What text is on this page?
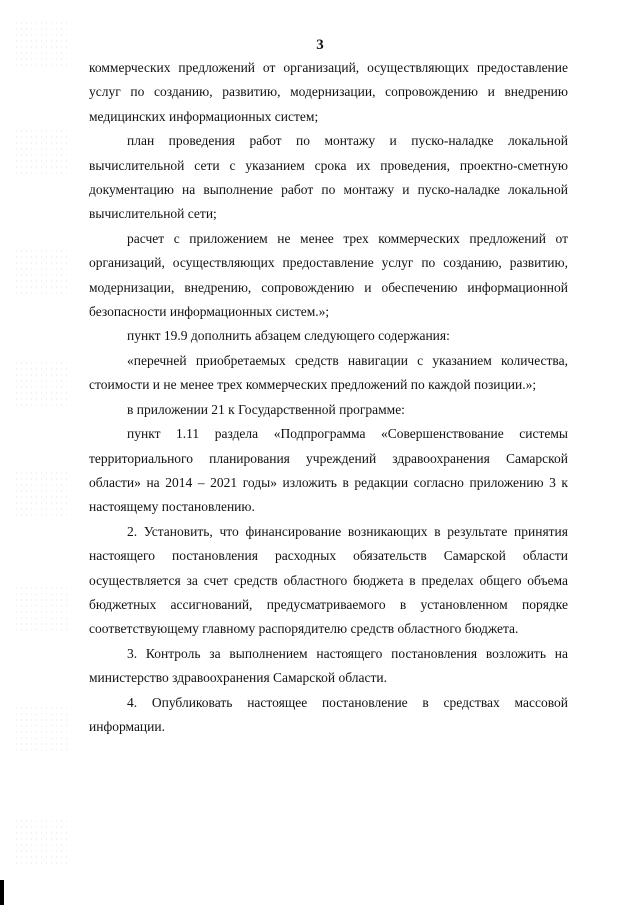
3

коммерческих предложений от организаций, осуществляющих предоставление услуг по созданию, развитию, модернизации, сопровождению и внедрению медицинских информационных систем;

план проведения работ по монтажу и пуско-наладке локальной вычислительной сети с указанием срока их проведения, проектно-сметную документацию на выполнение работ по монтажу и пуско-наладке локальной вычислительной сети;

расчет с приложением не менее трех коммерческих предложений от организаций, осуществляющих предоставление услуг по созданию, развитию, модернизации, внедрению, сопровождению и обеспечению информационной безопасности информационных систем.»;

пункт 19.9 дополнить абзацем следующего содержания:

«перечней приобретаемых средств навигации с указанием количества, стоимости и не менее трех коммерческих предложений по каждой позиции.»;

в приложении 21 к Государственной программе:

пункт 1.11 раздела «Подпрограмма «Совершенствование системы территориального планирования учреждений здравоохранения Самарской области» на 2014 – 2021 годы» изложить в редакции согласно приложению 3 к настоящему постановлению.

2. Установить, что финансирование возникающих в результате принятия настоящего постановления расходных обязательств Самарской области осуществляется за счет средств областного бюджета в пределах общего объема бюджетных ассигнований, предусматриваемого в установленном порядке соответствующему главному распорядителю средств областного бюджета.

3. Контроль за выполнением настоящего постановления возложить на министерство здравоохранения Самарской области.

4. Опубликовать настоящее постановление в средствах массовой информации.
